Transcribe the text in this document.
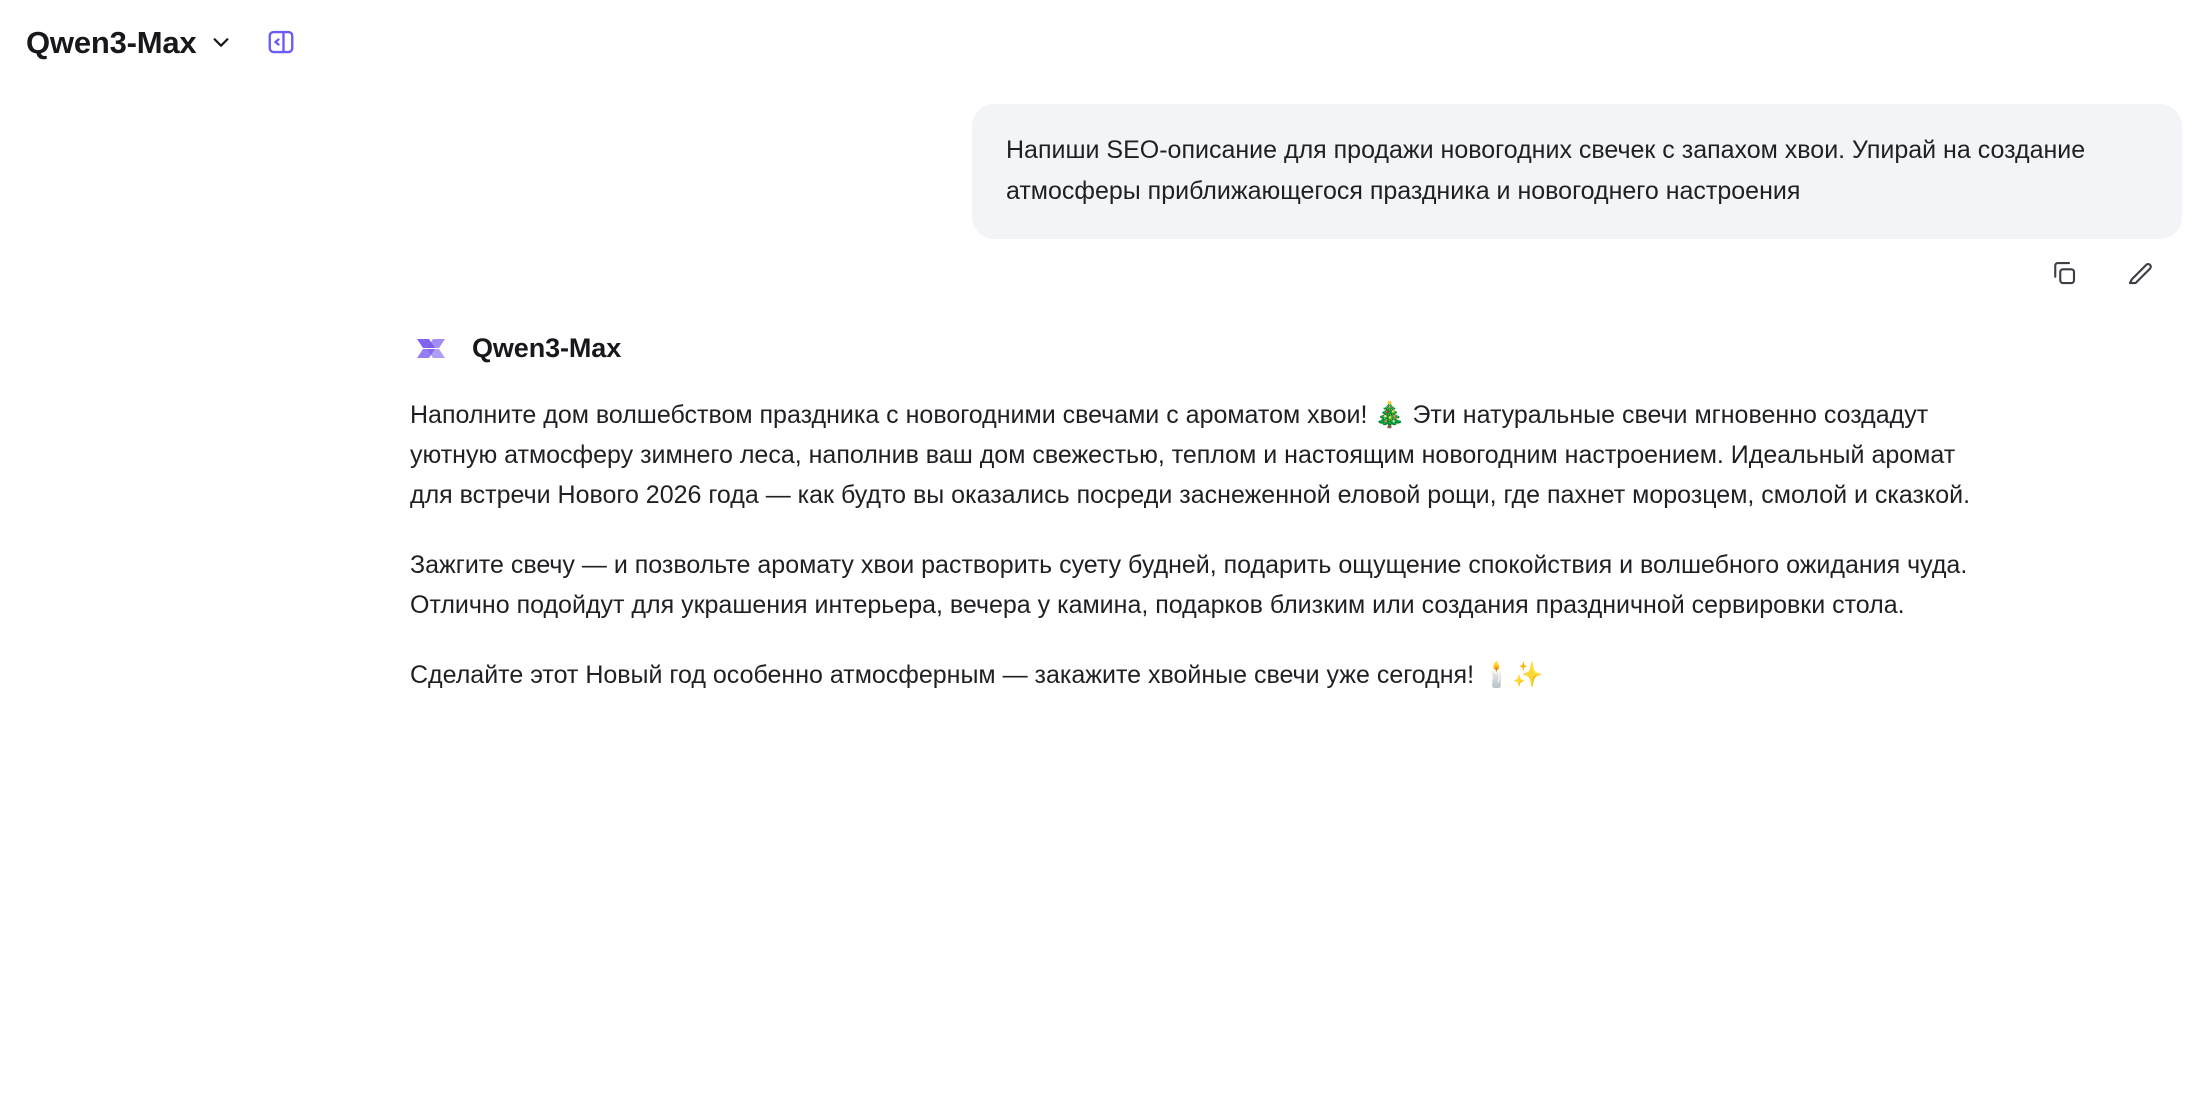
Qwen3-Max

Напиши SEO-описание для продажи новогодних свечек с запахом хвои. Упирай на создание атмосферы приближающегося праздника и новогоднего настроения

Qwen3-Max

Наполните дом волшебством праздника с новогодними свечами с ароматом хвои! 🎄 Эти натуральные свечи мгновенно создадут уютную атмосферу зимнего леса, наполнив ваш дом свежестью, теплом и настоящим новогодним настроением. Идеальный аромат для встречи Нового 2026 года — как будто вы оказались посреди заснеженной еловой рощи, где пахнет морозцем, смолой и сказкой.

Зажгите свечу — и позвольте аромату хвои растворить суету будней, подарить ощущение спокойствия и волшебного ожидания чуда. Отлично подойдут для украшения интерьера, вечера у камина, подарков близким или создания праздничной сервировки стола.

Сделайте этот Новый год особенно атмосферным — закажите хвойные свечи уже сегодня! 🕯️✨
